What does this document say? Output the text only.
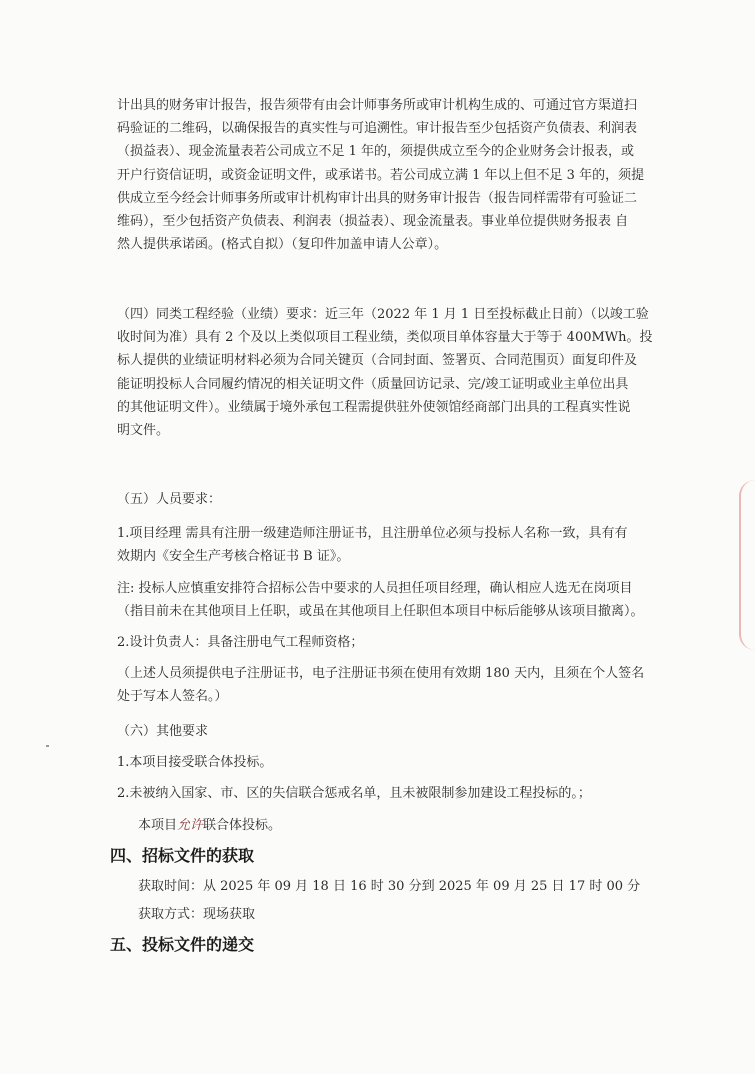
计出具的财务审计报告，报告须带有由会计师事务所或审计机构生成的、可通过官方渠道扫

码验证的二维码，以确保报告的真实性与可追溯性。审计报告至少包括资产负债表、利润表

（损益表）、现金流量表若公司成立不足 1 年的，须提供成立至今的企业财务会计报表，或

开户行资信证明，或资金证明文件，或承诺书。若公司成立满 1 年以上但不足 3 年的，须提

供成立至今经会计师事务所或审计机构审计出具的财务审计报告（报告同样需带有可验证二

维码），至少包括资产负债表、利润表（损益表）、现金流量表。事业单位提供财务报表 自

然人提供承诺函。(格式自拟）（复印件加盖申请人公章）。

（四）同类工程经验（业绩）要求：近三年（2022 年 1 月 1 日至投标截止日前）（以竣工验

收时间为准）具有 2 个及以上类似项目工程业绩，类似项目单体容量大于等于 400MWh。投

标人提供的业绩证明材料必须为合同关键页（合同封面、签署页、合同范围页）面复印件及

能证明投标人合同履约情况的相关证明文件（质量回访记录、完/竣工证明或业主单位出具

的其他证明文件）。业绩属于境外承包工程需提供驻外使领馆经商部门出具的工程真实性说

明文件。

（五）人员要求：

1.项目经理 需具有注册一级建造师注册证书，且注册单位必须与投标人名称一致，具有有

效期内《安全生产考核合格证书 B 证》。

注: 投标人应慎重安排符合招标公告中要求的人员担任项目经理，确认相应人选无在岗项目

（指目前未在其他项目上任职，或虽在其他项目上任职但本项目中标后能够从该项目撤离）。

2.设计负责人：具备注册电气工程师资格；

（上述人员须提供电子注册证书，电子注册证书须在使用有效期 180 天内，且须在个人签名

处于写本人签名。）

（六）其他要求

1.本项目接受联合体投标。

2.未被纳入国家、市、区的失信联合惩戒名单，且未被限制参加建设工程投标的。；

本项目允许联合体投标。

四、招标文件的获取

获取时间：从 2025 年 09 月 18 日 16 时 30 分到 2025 年 09 月 25 日 17 时 00 分

获取方式：现场获取

五、投标文件的递交
